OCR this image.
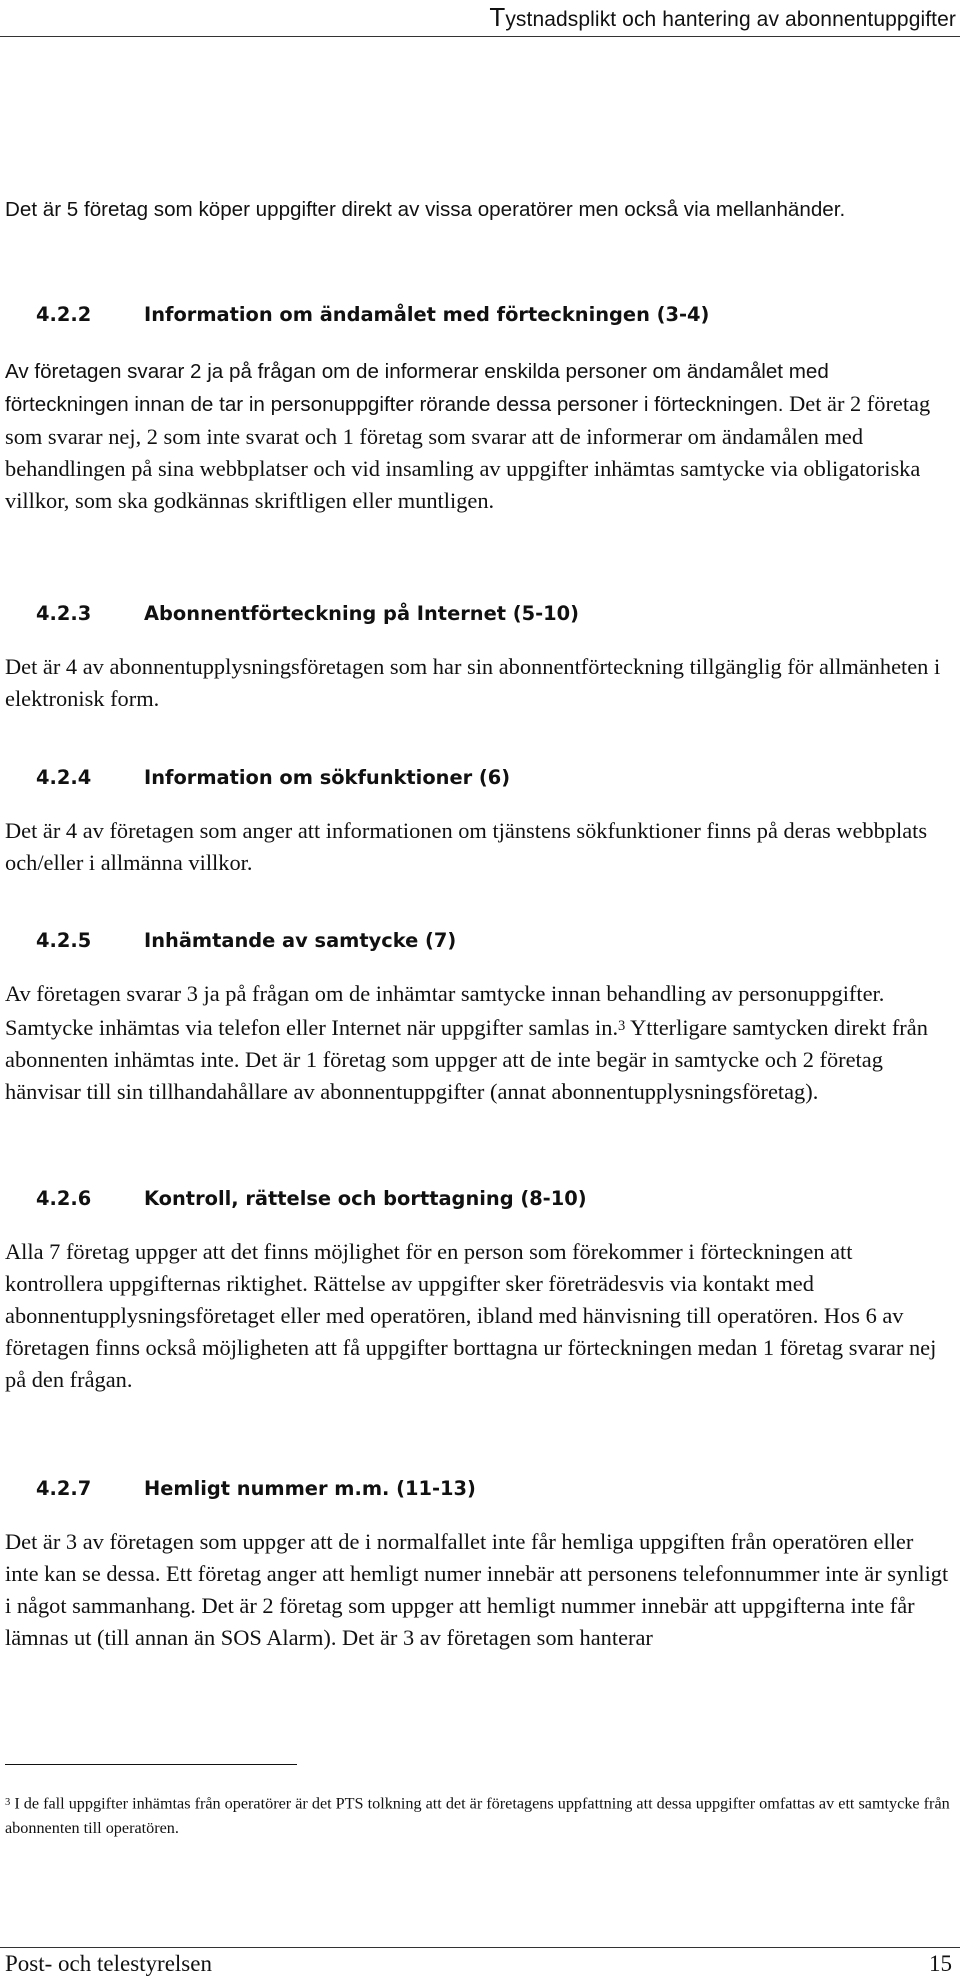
Tystnadsplikt och hantering av abonnentuppgifter

Det är 5 företag som köper uppgifter direkt av vissa operatörer men också via mellanhänder.

4.2.2	Information om ändamålet med förteckningen (3-4)

Av företagen svarar 2 ja på frågan om de informerar enskilda personer om ändamålet med förteckningen innan de tar in personuppgifter rörande dessa personer i förteckningen. Det är 2 företag som svarar nej, 2 som inte svarat och 1 företag som svarar att de informerar om ändamålen med behandlingen på sina webbplatser och vid insamling av uppgifter inhämtas samtycke via obligatoriska villkor, som ska godkännas skriftligen eller muntligen.

4.2.3	Abonnentförteckning på Internet (5-10)

Det är 4 av abonnentupplysningsföretagen som har sin abonnentförteckning tillgänglig för allmänheten i elektronisk form.

4.2.4	Information om sökfunktioner (6)

Det är 4 av företagen som anger att informationen om tjänstens sökfunktioner finns på deras webbplats och/eller i allmänna villkor.

4.2.5	Inhämtande av samtycke (7)

Av företagen svarar 3 ja på frågan om de inhämtar samtycke innan behandling av personuppgifter. Samtycke inhämtas via telefon eller Internet när uppgifter samlas in.$^3$ Ytterligare samtycken direkt från abonnenten inhämtas inte. Det är 1 företag som uppger att de inte begär in samtycke och 2 företag hänvisar till sin tillhandahållare av abonnentuppgifter (annat abonnentupplysningsföretag).

4.2.6	Kontroll, rättelse och borttagning (8-10)

Alla 7 företag uppger att det finns möjlighet för en person som förekommer i förteckningen att kontrollera uppgifternas riktighet. Rättelse av uppgifter sker företrädesvis via kontakt med abonnentupplysningsföretaget eller med operatören, ibland med hänvisning till operatören. Hos 6 av företagen finns också möjligheten att få uppgifter borttagna ur förteckningen medan 1 företag svarar nej på den frågan.

4.2.7	Hemligt nummer m.m. (11-13)

Det är 3 av företagen som uppger att de i normalfallet inte får hemliga uppgiften från operatören eller inte kan se dessa. Ett företag anger att hemligt numer innebär att personens telefonnummer inte är synligt i något sammanhang. Det är 2 företag som uppger att hemligt nummer innebär att uppgifterna inte får lämnas ut (till annan än SOS Alarm). Det är 3 av företagen som hanterar

$^3$ I de fall uppgifter inhämtas från operatörer är det PTS tolkning att det är företagens uppfattning att dessa uppgifter omfattas av ett samtycke från abonnenten till operatören.

Post- och telestyrelsen	15
